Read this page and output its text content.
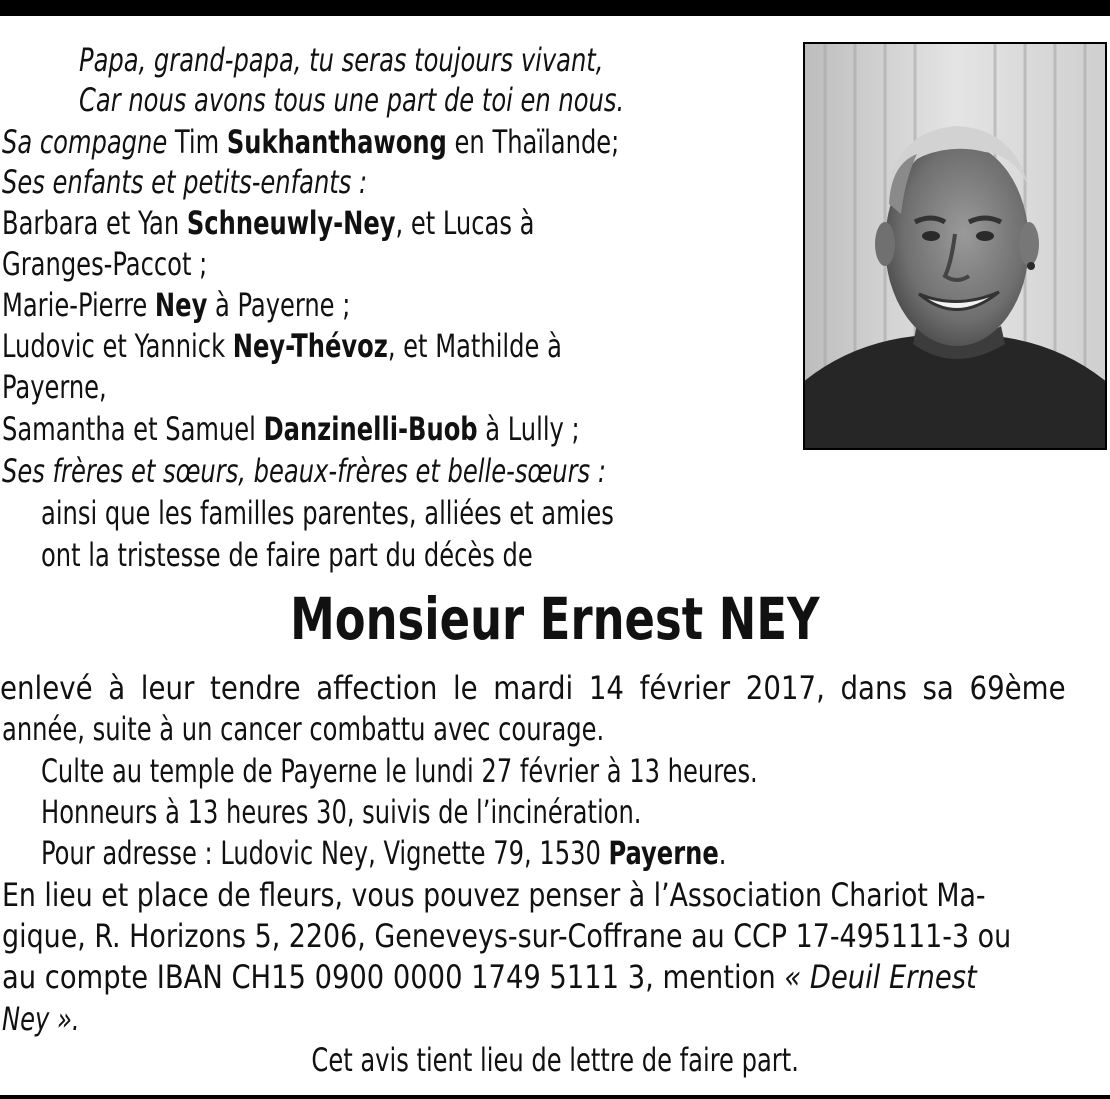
Papa, grand-papa, tu seras toujours vivant,
Car nous avons tous une part de toi en nous.
Sa compagne Tim Sukhanthawong en Thaïlande;
Ses enfants et petits-enfants :
Barbara et Yan Schneuwly-Ney, et Lucas à
Granges-Paccot ;
Marie-Pierre Ney à Payerne ;
Ludovic et Yannick Ney-Thévoz, et Mathilde à
Payerne,
Samantha et Samuel Danzinelli-Buob à Lully ;
Ses frères et sœurs, beaux-frères et belle-sœurs :
ainsi que les familles parentes, alliées et amies
ont la tristesse de faire part du décès de
Monsieur Ernest NEY
enlevé à leur tendre affection le mardi 14 février 2017, dans sa 69ème
année, suite à un cancer combattu avec courage.
Culte au temple de Payerne le lundi 27 février à 13 heures.
Honneurs à 13 heures 30, suivis de l’incinération.
Pour adresse : Ludovic Ney, Vignette 79, 1530 Payerne.
En lieu et place de fleurs, vous pouvez penser à l’Association Chariot Ma-
gique, R. Horizons 5, 2206, Geneveys-sur-Coffrane au CCP 17-495111-3 ou
au compte IBAN CH15 0900 0000 1749 5111 3, mention « Deuil Ernest
Ney ».
Cet avis tient lieu de lettre de faire part.
